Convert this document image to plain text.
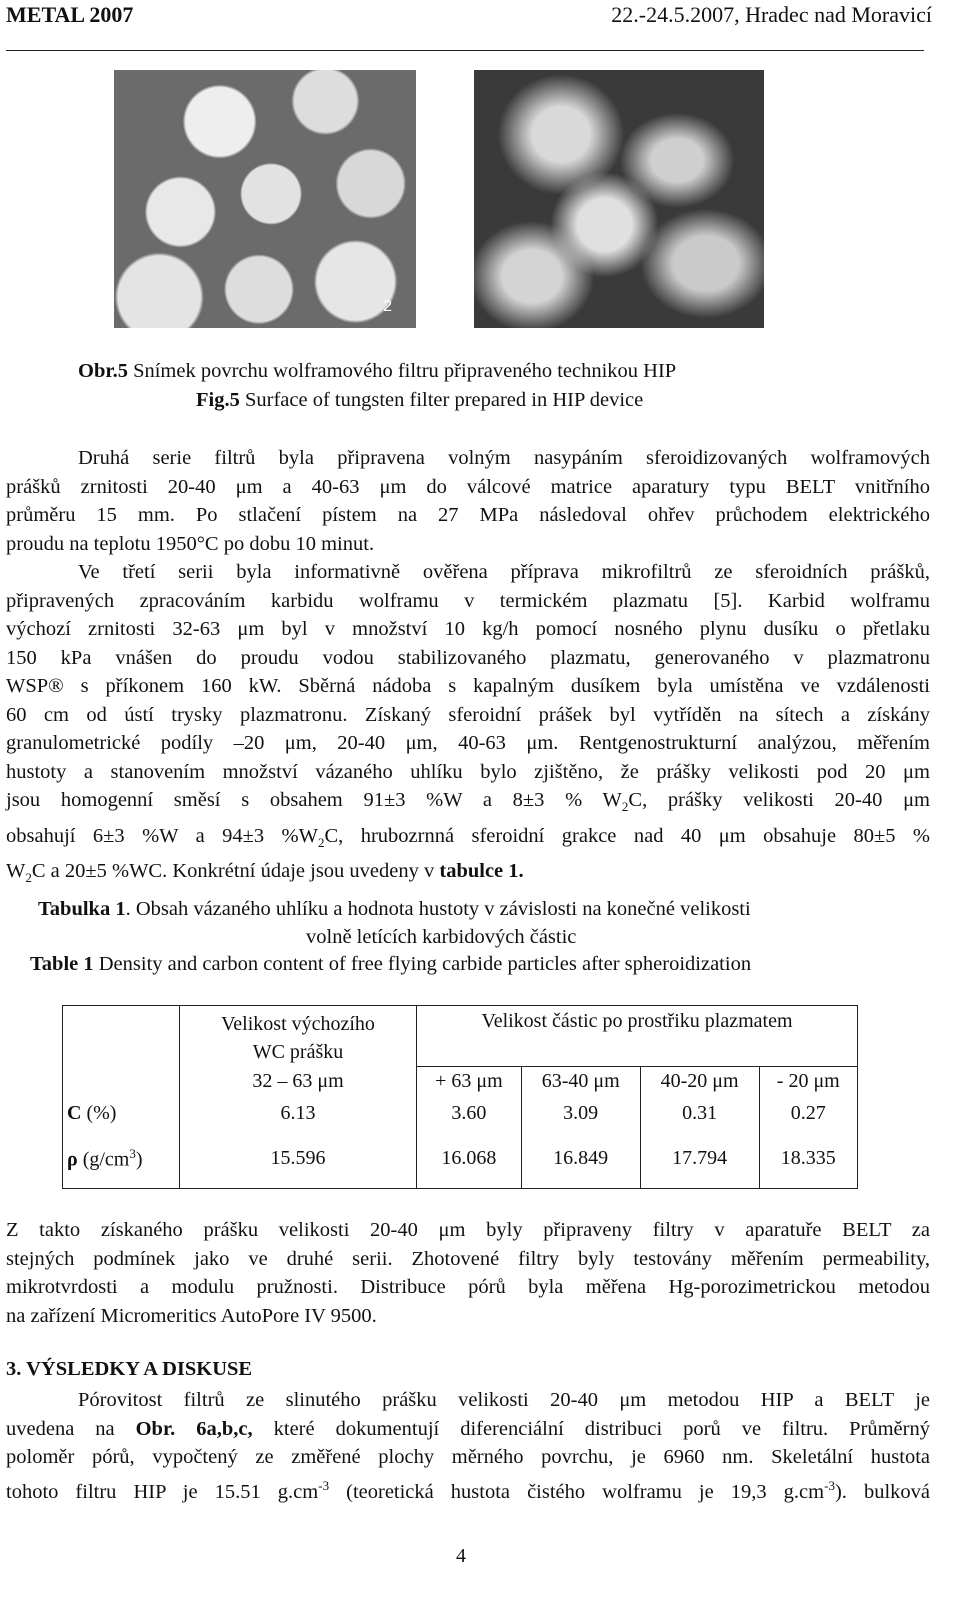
METAL 2007	22.-24.5.2007, Hradec nad Moravicí
2
Obr.5 Snímek povrchu wolframového filtru připraveného technikou HIP
Fig.5 Surface of tungsten filter prepared in HIP device
Druhá serie filtrů byla připravena volným nasypáním sferoidizovaných wolframových
prášků zrnitosti 20-40 μm a 40-63 μm do válcové matrice aparatury typu BELT vnitřního
průměru 15 mm. Po stlačení pístem na 27 MPa následoval ohřev průchodem elektrického
proudu na teplotu 1950°C po dobu 10 minut.
Ve třetí serii byla informativně ověřena příprava mikrofiltrů ze sferoidních prášků,
připravených zpracováním karbidu wolframu v termickém plazmatu [5]. Karbid wolframu
výchozí zrnitosti 32-63 μm byl v množství 10 kg/h pomocí nosného plynu dusíku o přetlaku
150 kPa vnášen do proudu vodou stabilizovaného plazmatu, generovaného v plazmatronu
WSP® s příkonem 160 kW. Sběrná nádoba s kapalným dusíkem byla umístěna ve vzdálenosti
60 cm od ústí trysky plazmatronu. Získaný sferoidní prášek byl vytříděn na sítech a získány
granulometrické podíly –20 μm, 20-40 μm, 40-63 μm. Rentgenostrukturní analýzou, měřením
hustoty a stanovením množství vázaného uhlíku bylo zjištěno, že prášky velikosti pod 20 μm
jsou homogenní směsí s obsahem 91±3 %W a 8±3 % $W_2C$, prášky velikosti 20-40 μm
obsahují 6±3 %W a 94±3 $\%W_2C$, hrubozrnná sferoidní grakce nad 40 μm obsahuje 80±5 %
$W_2C$ a 20±5 %WC. Konkrétní údaje jsou uvedeny v tabulce 1.
Tabulka 1. Obsah vázaného uhlíku a hodnota hustoty v závislosti na konečné velikosti
volně letících karbidových částic
Table 1 Density and carbon content of free flying carbide particles after spheroidization

	Velikost výchozího
WC prášku	Velikost částic po prostřiku plazmatem			

	32 – 63 μm	+ 63 μm	63-40 μm	40-20 μm	- 20 μm
C (%)	6.13	3.60	3.09	0.31	0.27
ρ $(g/cm^3)$	15.596	16.068	16.849	17.794	18.335
Z takto získaného prášku velikosti 20-40 μm byly připraveny filtry v aparatuře BELT za
stejných podmínek jako ve druhé serii. Zhotovené filtry byly testovány měřením permeability,
mikrotvrdosti a modulu pružnosti. Distribuce pórů byla měřena Hg-porozimetrickou metodou
na zařízení Micromeritics AutoPore IV 9500.
3. VÝSLEDKY A DISKUSE
Pórovitost filtrů ze slinutého prášku velikosti 20-40 μm metodou HIP a BELT je
uvedena na Obr. 6a,b,c, které dokumentují diferenciální distribuci porů ve filtru. Průměrný
poloměr pórů, vypočtený ze změřené plochy měrného povrchu, je 6960 nm. Skeletální hustota
tohoto filtru HIP je 15.51 $g.cm^{-3}$ (teoretická hustota čistého wolframu je 19,3 $g.cm^{-3}$). bulková
4
